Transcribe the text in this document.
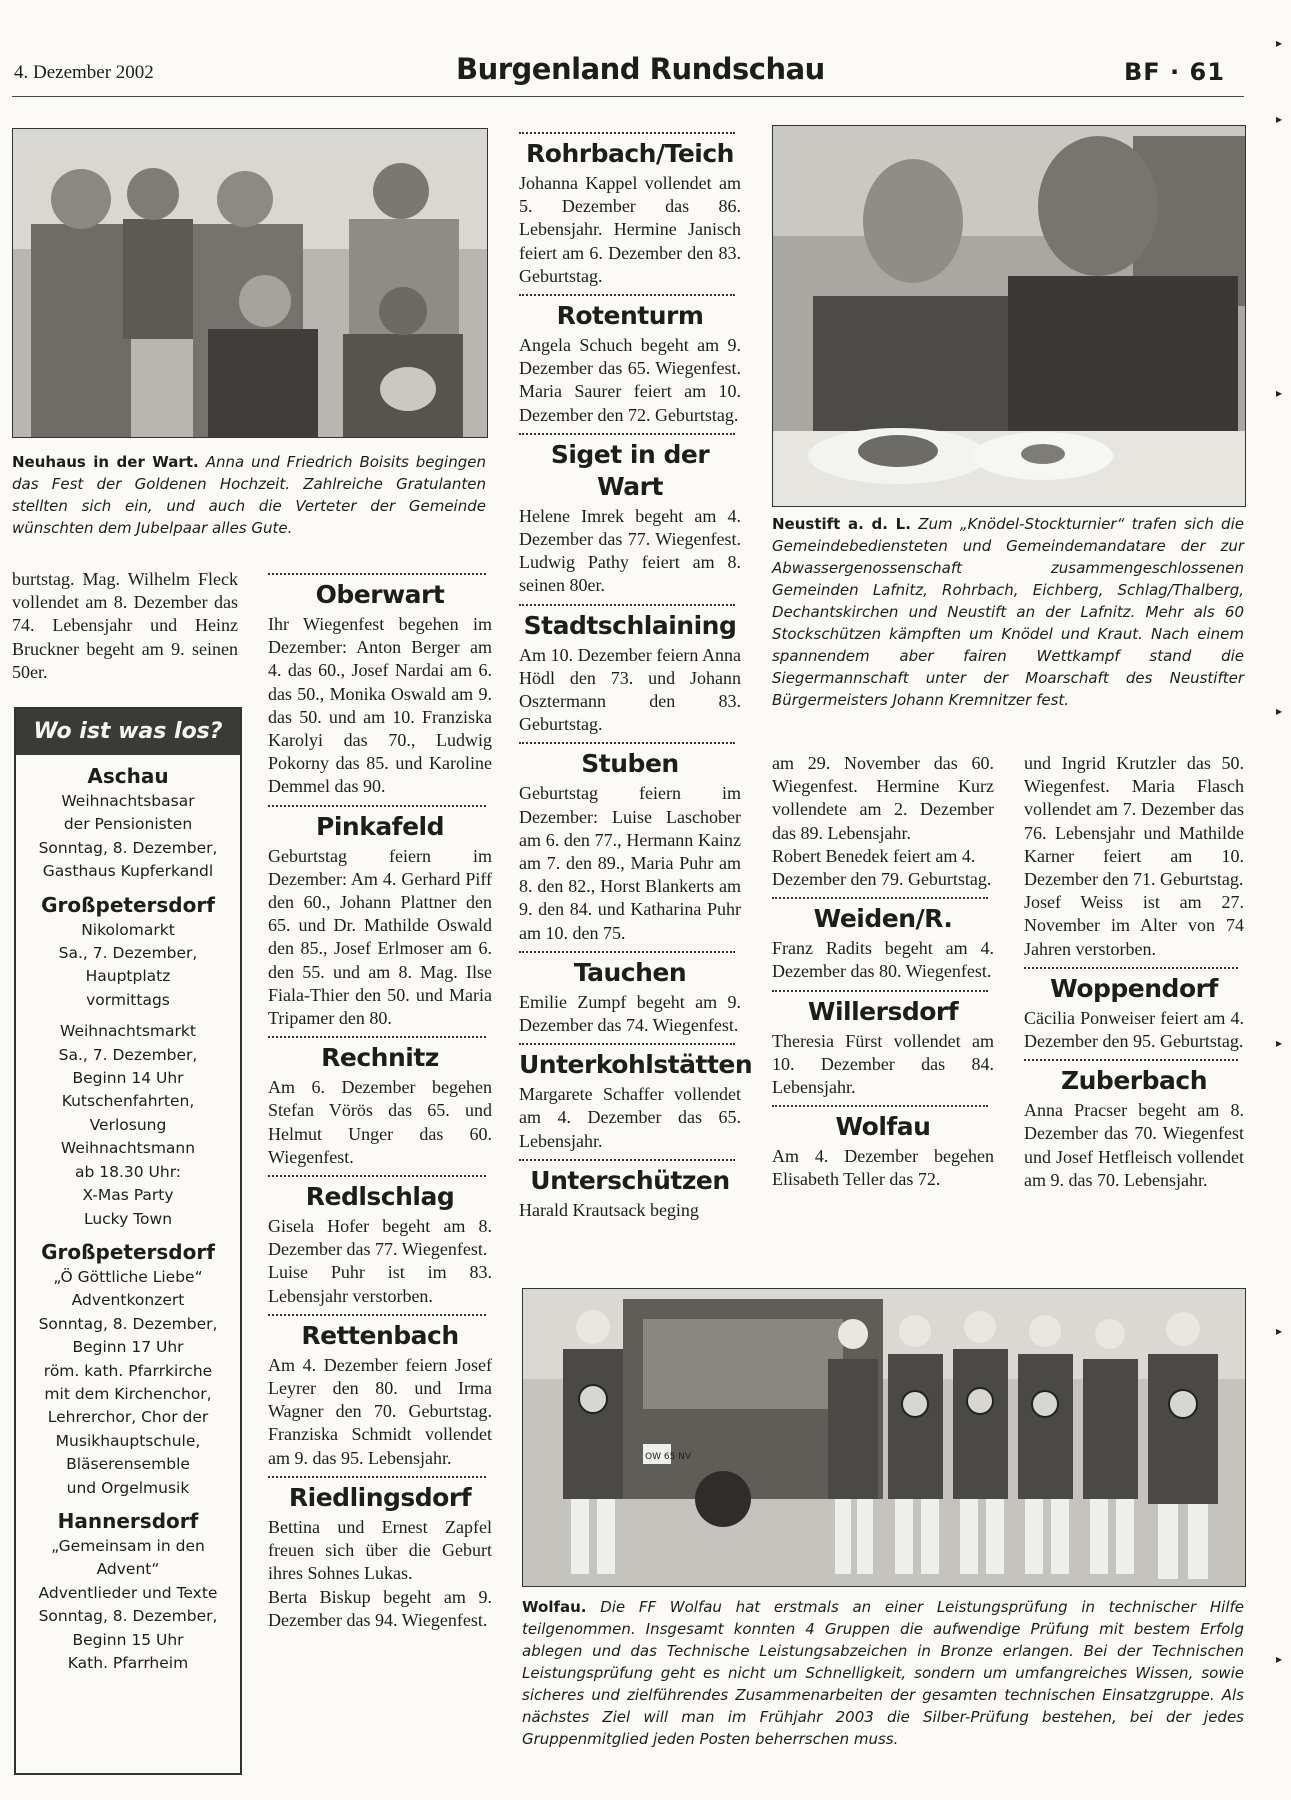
4. Dezember 2002	Burgenland Rundschau	BF · 61
Neuhaus in der Wart. Anna und Friedrich Boisits begingen das Fest der Goldenen Hochzeit. Zahlreiche Gratulanten stellten sich ein, und auch die Verteter der Gemeinde wünschten dem Jubelpaar alles Gute.	Neustift a. d. L. Zum „Knödel-Stockturnier“ trafen sich die Gemeindebediensteten und Gemeindemandatare der zur Abwassergenossenschaft zusammengeschlossenen Gemeinden Lafnitz, Rohrbach, Eichberg, Schlag/Thalberg, Dechantskirchen und Neustift an der Lafnitz. Mehr als 60 Stockschützen kämpften um Knödel und Kraut. Nach einem spannendem aber fairen Wettkampf stand die Siegermannschaft unter der Moarschaft des Neustifter Bürgermeisters Johann Kremnitzer fest.
OW 65 NV
Wolfau. Die FF Wolfau hat erstmals an einer Leistungsprüfung in technischer Hilfe teilgenommen. Insgesamt konnten 4 Gruppen die aufwendige Prüfung mit bestem Erfolg ablegen und das Technische Leistungsabzeichen in Bronze erlangen. Bei der Technischen Leistungsprüfung geht es nicht um Schnelligkeit, sondern um umfangreiches Wissen, sowie sicheres und zielführendes Zusammenarbeiten der gesamten technischen Einsatzgruppe. Als nächstes Ziel will man im Frühjahr 2003 die Silber-Prüfung bestehen, bei der jedes Gruppenmitglied jeden Posten beherrschen muss.
burtstag. Mag. Wilhelm Fleck vollendet am 8. Dezember das 74. Lebensjahr und Heinz Bruckner begeht am 9. seinen 50er.
Wo ist was los?
Aschau

Weihnachtsbasar

der Pensionisten

Sonntag, 8. Dezember,

Gasthaus Kupferkandl

Großpetersdorf

Nikolomarkt

Sa., 7. Dezember,

Hauptplatz

vormittags

Weihnachtsmarkt

Sa., 7. Dezember,

Beginn 14 Uhr

Kutschenfahrten,

Verlosung

Weihnachtsmann

ab 18.30 Uhr:

X-Mas Party

Lucky Town

Großpetersdorf

„Ö Göttliche Liebe“

Adventkonzert

Sonntag, 8. Dezember,

Beginn 17 Uhr

röm. kath. Pfarrkirche

mit dem Kirchenchor,

Lehrerchor, Chor der

Musikhauptschule,

Bläserensemble

und Orgelmusik

Hannersdorf

„Gemeinsam in den

Advent“

Adventlieder und Texte

Sonntag, 8. Dezember,

Beginn 15 Uhr

Kath. Pfarrheim

Oberwart

Ihr Wiegenfest begehen im Dezember: Anton Berger am 4. das 60., Josef Nardai am 6. das 50., Monika Oswald am 9. das 50. und am 10. Franziska Karolyi das 70., Ludwig Pokorny das 85. und Karoline Demmel das 90.

Pinkafeld

Geburtstag feiern im Dezember: Am 4. Gerhard Piff den 60., Johann Plattner den 65. und Dr. Mathilde Oswald den 85., Josef Erlmoser am 6. den 55. und am 8. Mag. Ilse Fiala-Thier den 50. und Maria Tripamer den 80.

Rechnitz

Am 6. Dezember begehen Stefan Vörös das 65. und Helmut Unger das 60. Wiegenfest.

Redlschlag

Gisela Hofer begeht am 8. Dezember das 77. Wiegenfest.

Luise Puhr ist im 83. Lebensjahr verstorben.

Rettenbach

Am 4. Dezember feiern Josef Leyrer den 80. und Irma Wagner den 70. Geburtstag. Franziska Schmidt vollendet am 9. das 95. Lebensjahr.

Riedlingsdorf

Bettina und Ernest Zapfel freuen sich über die Geburt ihres Sohnes Lukas.

Berta Biskup begeht am 9. Dezember das 94. Wiegenfest.

Rohrbach/Teich

Johanna Kappel vollendet am 5. Dezember das 86. Lebensjahr. Hermine Janisch feiert am 6. Dezember den 83. Geburtstag.

Rotenturm

Angela Schuch begeht am 9. Dezember das 65. Wiegenfest. Maria Saurer feiert am 10. Dezember den 72. Geburtstag.

Siget in der Wart

Helene Imrek begeht am 4. Dezember das 77. Wiegenfest. Ludwig Pathy feiert am 8. seinen 80er.

Stadtschlaining

Am 10. Dezember feiern Anna Hödl den 73. und Johann Osztermann den 83. Geburtstag.

Stuben

Geburtstag feiern im Dezember: Luise Laschober am 6. den 77., Hermann Kainz am 7. den 89., Maria Puhr am 8. den 82., Horst Blankerts am 9. den 84. und Katharina Puhr am 10. den 75.

Tauchen

Emilie Zumpf begeht am 9. Dezember das 74. Wiegenfest.

Unterkohlstätten

Margarete Schaffer vollendet am 4. Dezember das 65. Lebensjahr.

Unterschützen

Harald Krautsack beging

am 29. November das 60. Wiegenfest. Hermine Kurz vollendete am 2. Dezember das 89. Lebensjahr.

Robert Benedek feiert am 4. Dezember den 79. Geburtstag.

Weiden/R.

Franz Radits begeht am 4. Dezember das 80. Wiegenfest.

Willersdorf

Theresia Fürst vollendet am 10. Dezember das 84. Lebensjahr.

Wolfau

Am 4. Dezember begehen Elisabeth Teller das 72.

und Ingrid Krutzler das 50. Wiegenfest. Maria Flasch vollendet am 7. Dezember das 76. Lebensjahr und Mathilde Karner feiert am 10. Dezember den 71. Geburtstag.

Josef Weiss ist am 27. November im Alter von 74 Jahren verstorben.

Woppendorf

Cäcilia Ponweiser feiert am 4. Dezember den 95. Geburtstag.

Zuberbach

Anna Pracser begeht am 8. Dezember das 70. Wiegenfest und Josef Hetfleisch vollendet am 9. das 70. Lebensjahr.

▸
▸
▸
▸
▸
▸
▸
